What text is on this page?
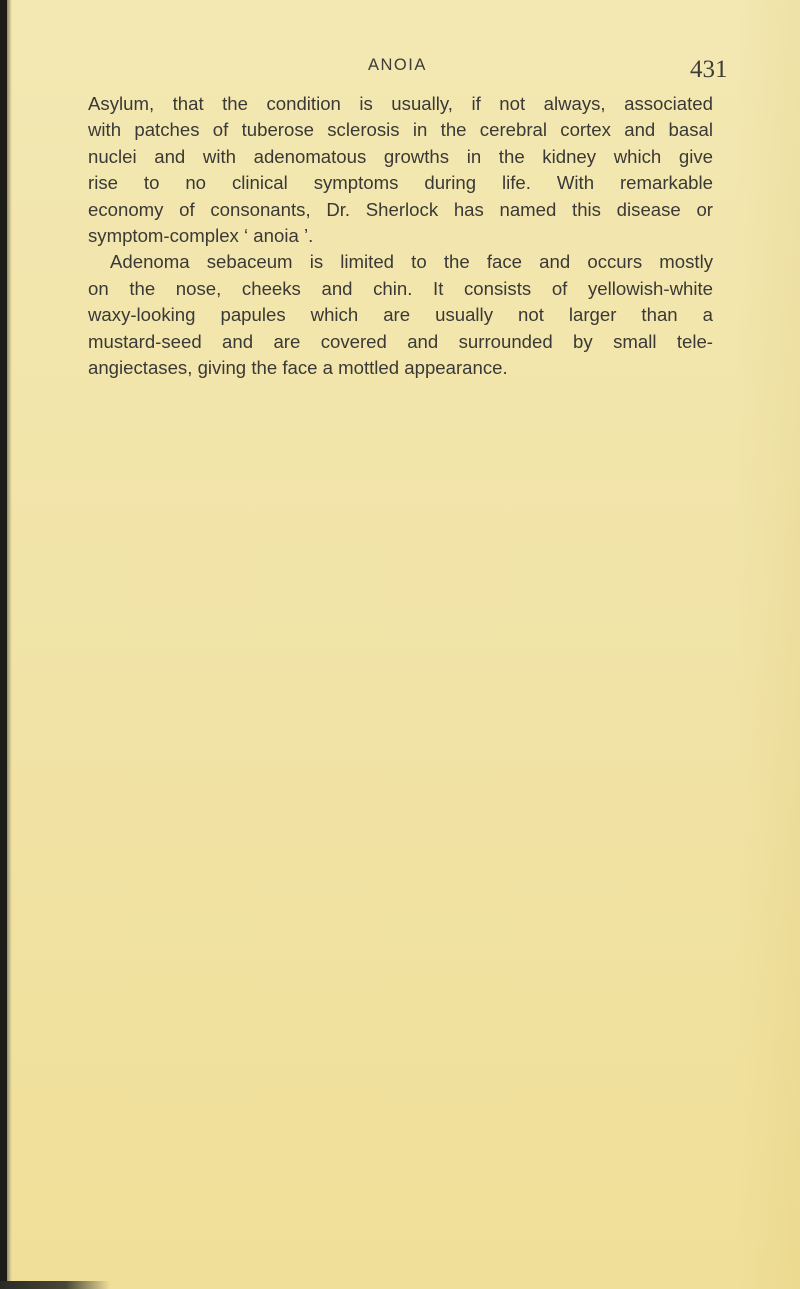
ANOIA	431
Asylum, that the condition is usually, if not always, associated
with patches of tuberose sclerosis in the cerebral cortex and basal
nuclei and with adenomatous growths in the kidney which give
rise to no clinical symptoms during life. With remarkable
economy of consonants, Dr. Sherlock has named this disease or
symptom-complex ‘ anoia ’.
Adenoma sebaceum is limited to the face and occurs mostly
on the nose, cheeks and chin. It consists of yellowish-white
waxy-looking papules which are usually not larger than a
mustard-seed and are covered and surrounded by small tele-
angiectases, giving the face a mottled appearance.
